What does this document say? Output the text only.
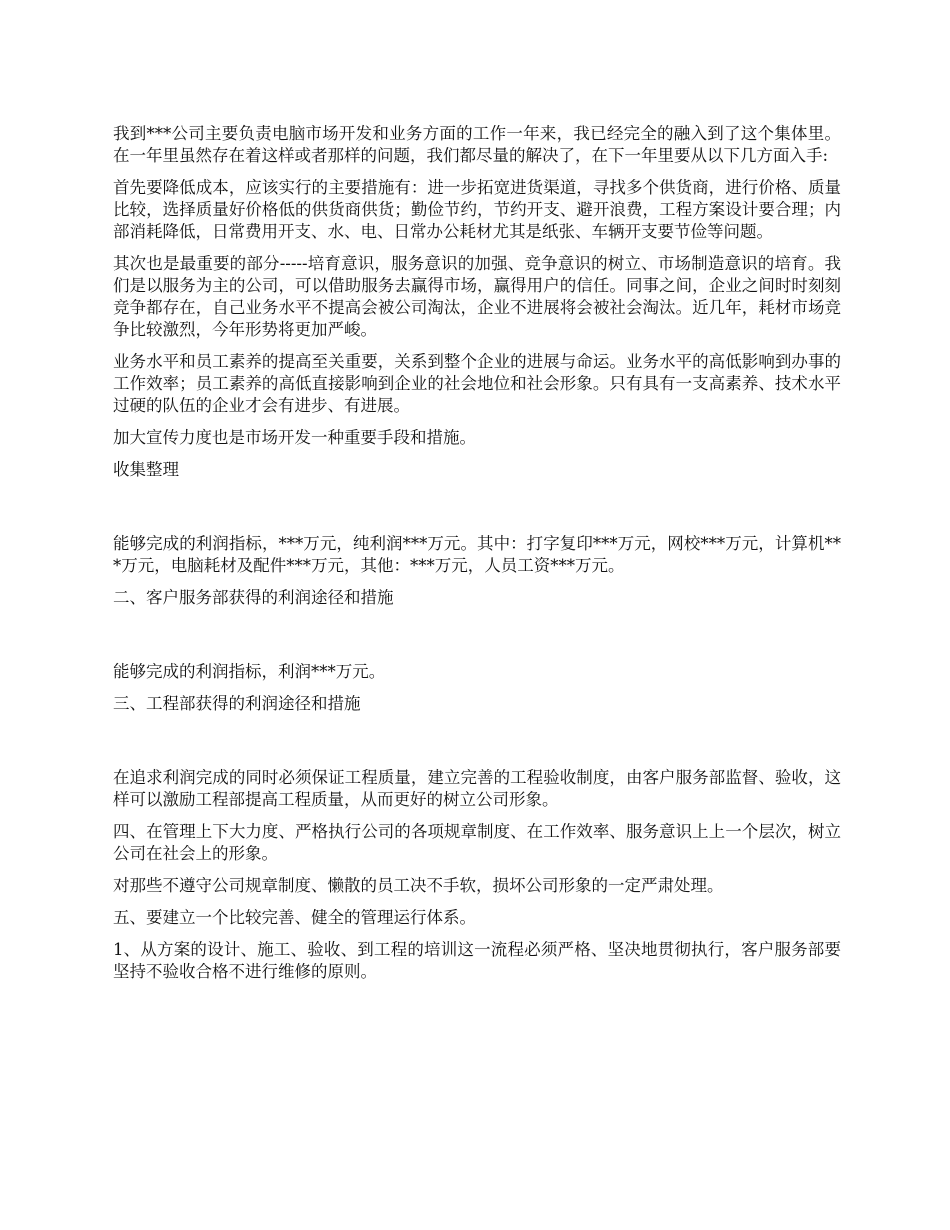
我到***公司主要负责电脑市场开发和业务方面的工作一年来，我已经完全的融入到了这个集体里。在一年里虽然存在着这样或者那样的问题，我们都尽量的解决了，在下一年里要从以下几方面入手:

首先要降低成本，应该实行的主要措施有：进一步拓宽进货渠道，寻找多个供货商，进行价格、质量比较，选择质量好价格低的供货商供货；勤俭节约，节约开支、避开浪费，工程方案设计要合理；内部消耗降低，日常费用开支、水、电、日常办公耗材尤其是纸张、车辆开支要节俭等问题。

其次也是最重要的部分-----培育意识，服务意识的加强、竞争意识的树立、市场制造意识的培育。我们是以服务为主的公司，可以借助服务去赢得市场，赢得用户的信任。同事之间，企业之间时时刻刻竞争都存在，自己业务水平不提高会被公司淘汰，企业不进展将会被社会淘汰。近几年，耗材市场竞争比较激烈，今年形势将更加严峻。

业务水平和员工素养的提高至关重要，关系到整个企业的进展与命运。业务水平的高低影响到办事的工作效率；员工素养的高低直接影响到企业的社会地位和社会形象。只有具有一支高素养、技术水平过硬的队伍的企业才会有进步、有进展。

加大宣传力度也是市场开发一种重要手段和措施。

收集整理

能够完成的利润指标，***万元，纯利润***万元。其中：打字复印***万元，网校***万元，计算机***万元，电脑耗材及配件***万元，其他：***万元，人员工资***万元。

二、客户服务部获得的利润途径和措施

能够完成的利润指标，利润***万元。

三、工程部获得的利润途径和措施

在追求利润完成的同时必须保证工程质量，建立完善的工程验收制度，由客户服务部监督、验收，这样可以激励工程部提高工程质量，从而更好的树立公司形象。

四、在管理上下大力度、严格执行公司的各项规章制度、在工作效率、服务意识上上一个层次，树立公司在社会上的形象。

对那些不遵守公司规章制度、懒散的员工决不手软，损坏公司形象的一定严肃处理。

五、要建立一个比较完善、健全的管理运行体系。

1、从方案的设计、施工、验收、到工程的培训这一流程必须严格、坚决地贯彻执行，客户服务部要坚持不验收合格不进行维修的原则。
